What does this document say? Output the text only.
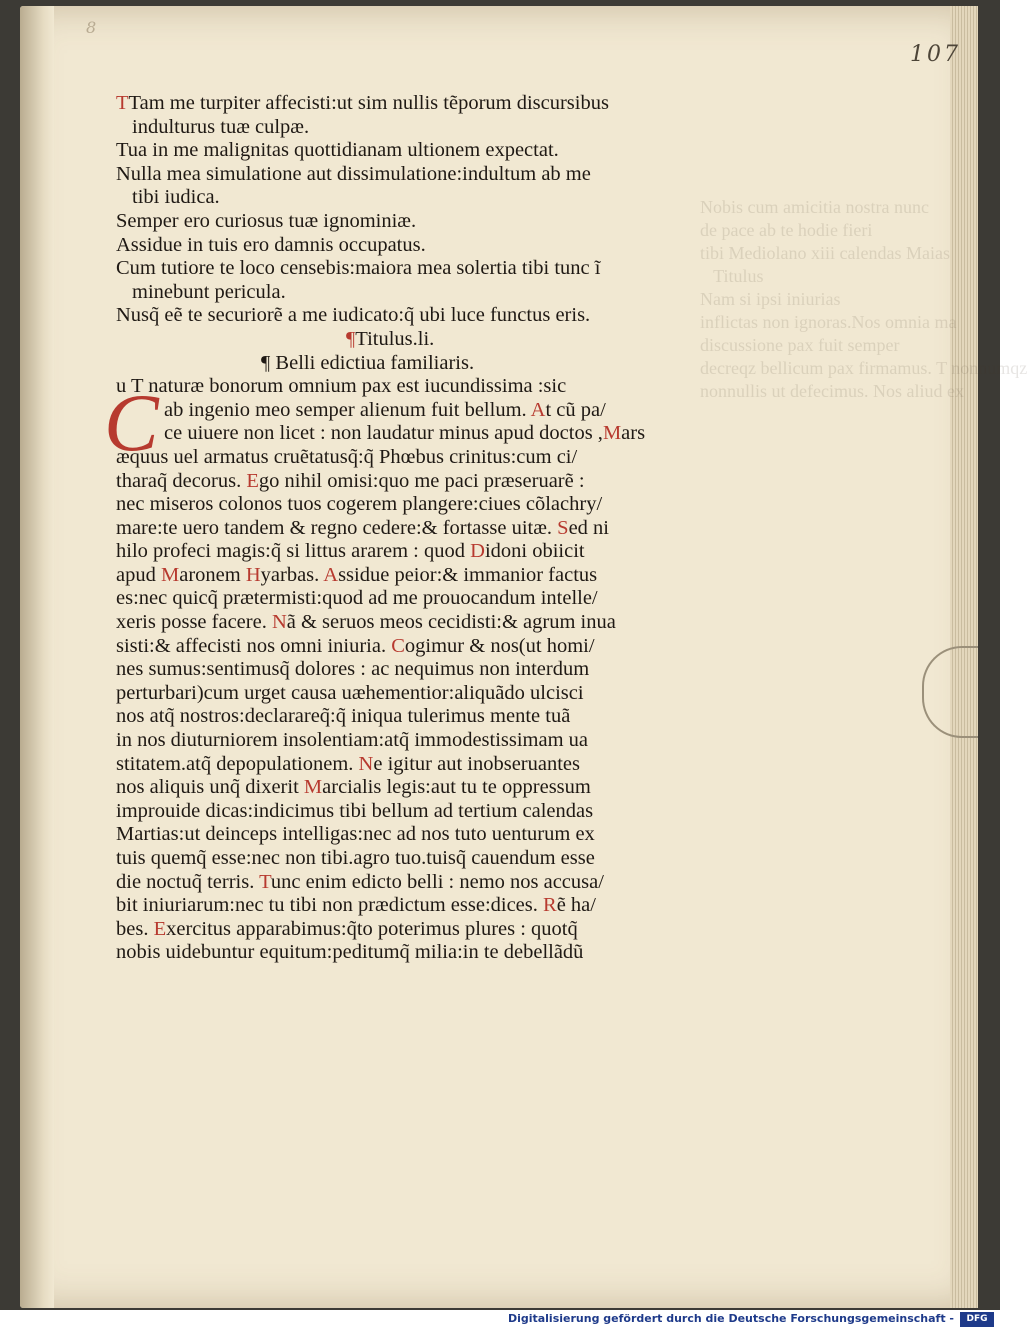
Nobis cum amicitia nostra nunc
de pace ab te hodie fieri
tibi Mediolano xiii calendas Maias
Titulus
Nam si ipsi iniurias
inflictas non ignoras.Nos omnia ma
discussione pax fuit semper
decreqz bellicum pax firmamus. T nonnumqz
nonnullis ut defecimus. Nos aliud ex

8
107
TTam me turpiter affecisti:ut sim nullis tẽporum discursibus
indulturus tuæ culpæ.
Tua in me malignitas quottidianam ultionem expectat.
Nulla mea simulatione aut dissimulatione:indultum ab me
tibi iudica.
Semper ero curiosus tuæ ignominiæ.
Assidue in tuis ero damnis occupatus.
Cum tutiore te loco censebis:maiora mea solertia tibi tunc ĩ
minebunt pericula.
Nusq̃ eẽ te securiorẽ a me iudicato:q̃ ubi luce functus eris.
¶Titulus.li.
¶ Belli edictiua familiaris.
C
u T naturæ bonorum omnium pax est iucundissima :sic
ab ingenio meo semper alienum fuit bellum. At cũ pa/
ce uiuere non licet : non laudatur minus apud doctos ,Mars
æquus uel armatus cruẽtatusq̃:q̃ Phœbus crinitus:cum ci/
tharaq̃ decorus. Ego nihil omisi:quo me paci præseruarẽ :
nec miseros colonos tuos cogerem plangere:ciues cõlachry/
mare:te uero tandem & regno cedere:& fortasse uitæ. Sed ni
hilo profeci magis:q̃ si littus ararem : quod Didoni obiicit
apud Maronem Hyarbas. Assidue peior:& immanior factus
es:nec quicq̃ prætermisti:quod ad me prouocandum intelle/
xeris posse facere. Nã & seruos meos cecidisti:& agrum inua
sisti:& affecisti nos omni iniuria. Cogimur & nos(ut homi/
nes sumus:sentimusq̃ dolores : ac nequimus non interdum
perturbari)cum urget causa uæhementior:aliquãdo ulcisci
nos atq̃ nostros:declarareq̃:q̃ iniqua tulerimus mente tuã
in nos diuturniorem insolentiam:atq̃ immodestissimam ua
stitatem.atq̃ depopulationem. Ne igitur aut inobseruantes
nos aliquis unq̃ dixerit Marcialis legis:aut tu te oppressum
improuide dicas:indicimus tibi bellum ad tertium calendas
Martias:ut deinceps intelligas:nec ad nos tuto uenturum ex
tuis quemq̃ esse:nec non tibi.agro tuo.tuisq̃ cauendum esse
die noctuq̃ terris. Tunc enim edicto belli : nemo nos accusa/
bit iniuriarum:nec tu tibi non prædictum esse:dices. Rẽ ha/
bes. Exercitus apparabimus:q̃to poterimus plures : quotq̃
nobis uidebuntur equitum:peditumq̃ milia:in te debellãdũ
Digitalisierung gefördert durch die Deutsche Forschungsgemeinschaft -	DFG
